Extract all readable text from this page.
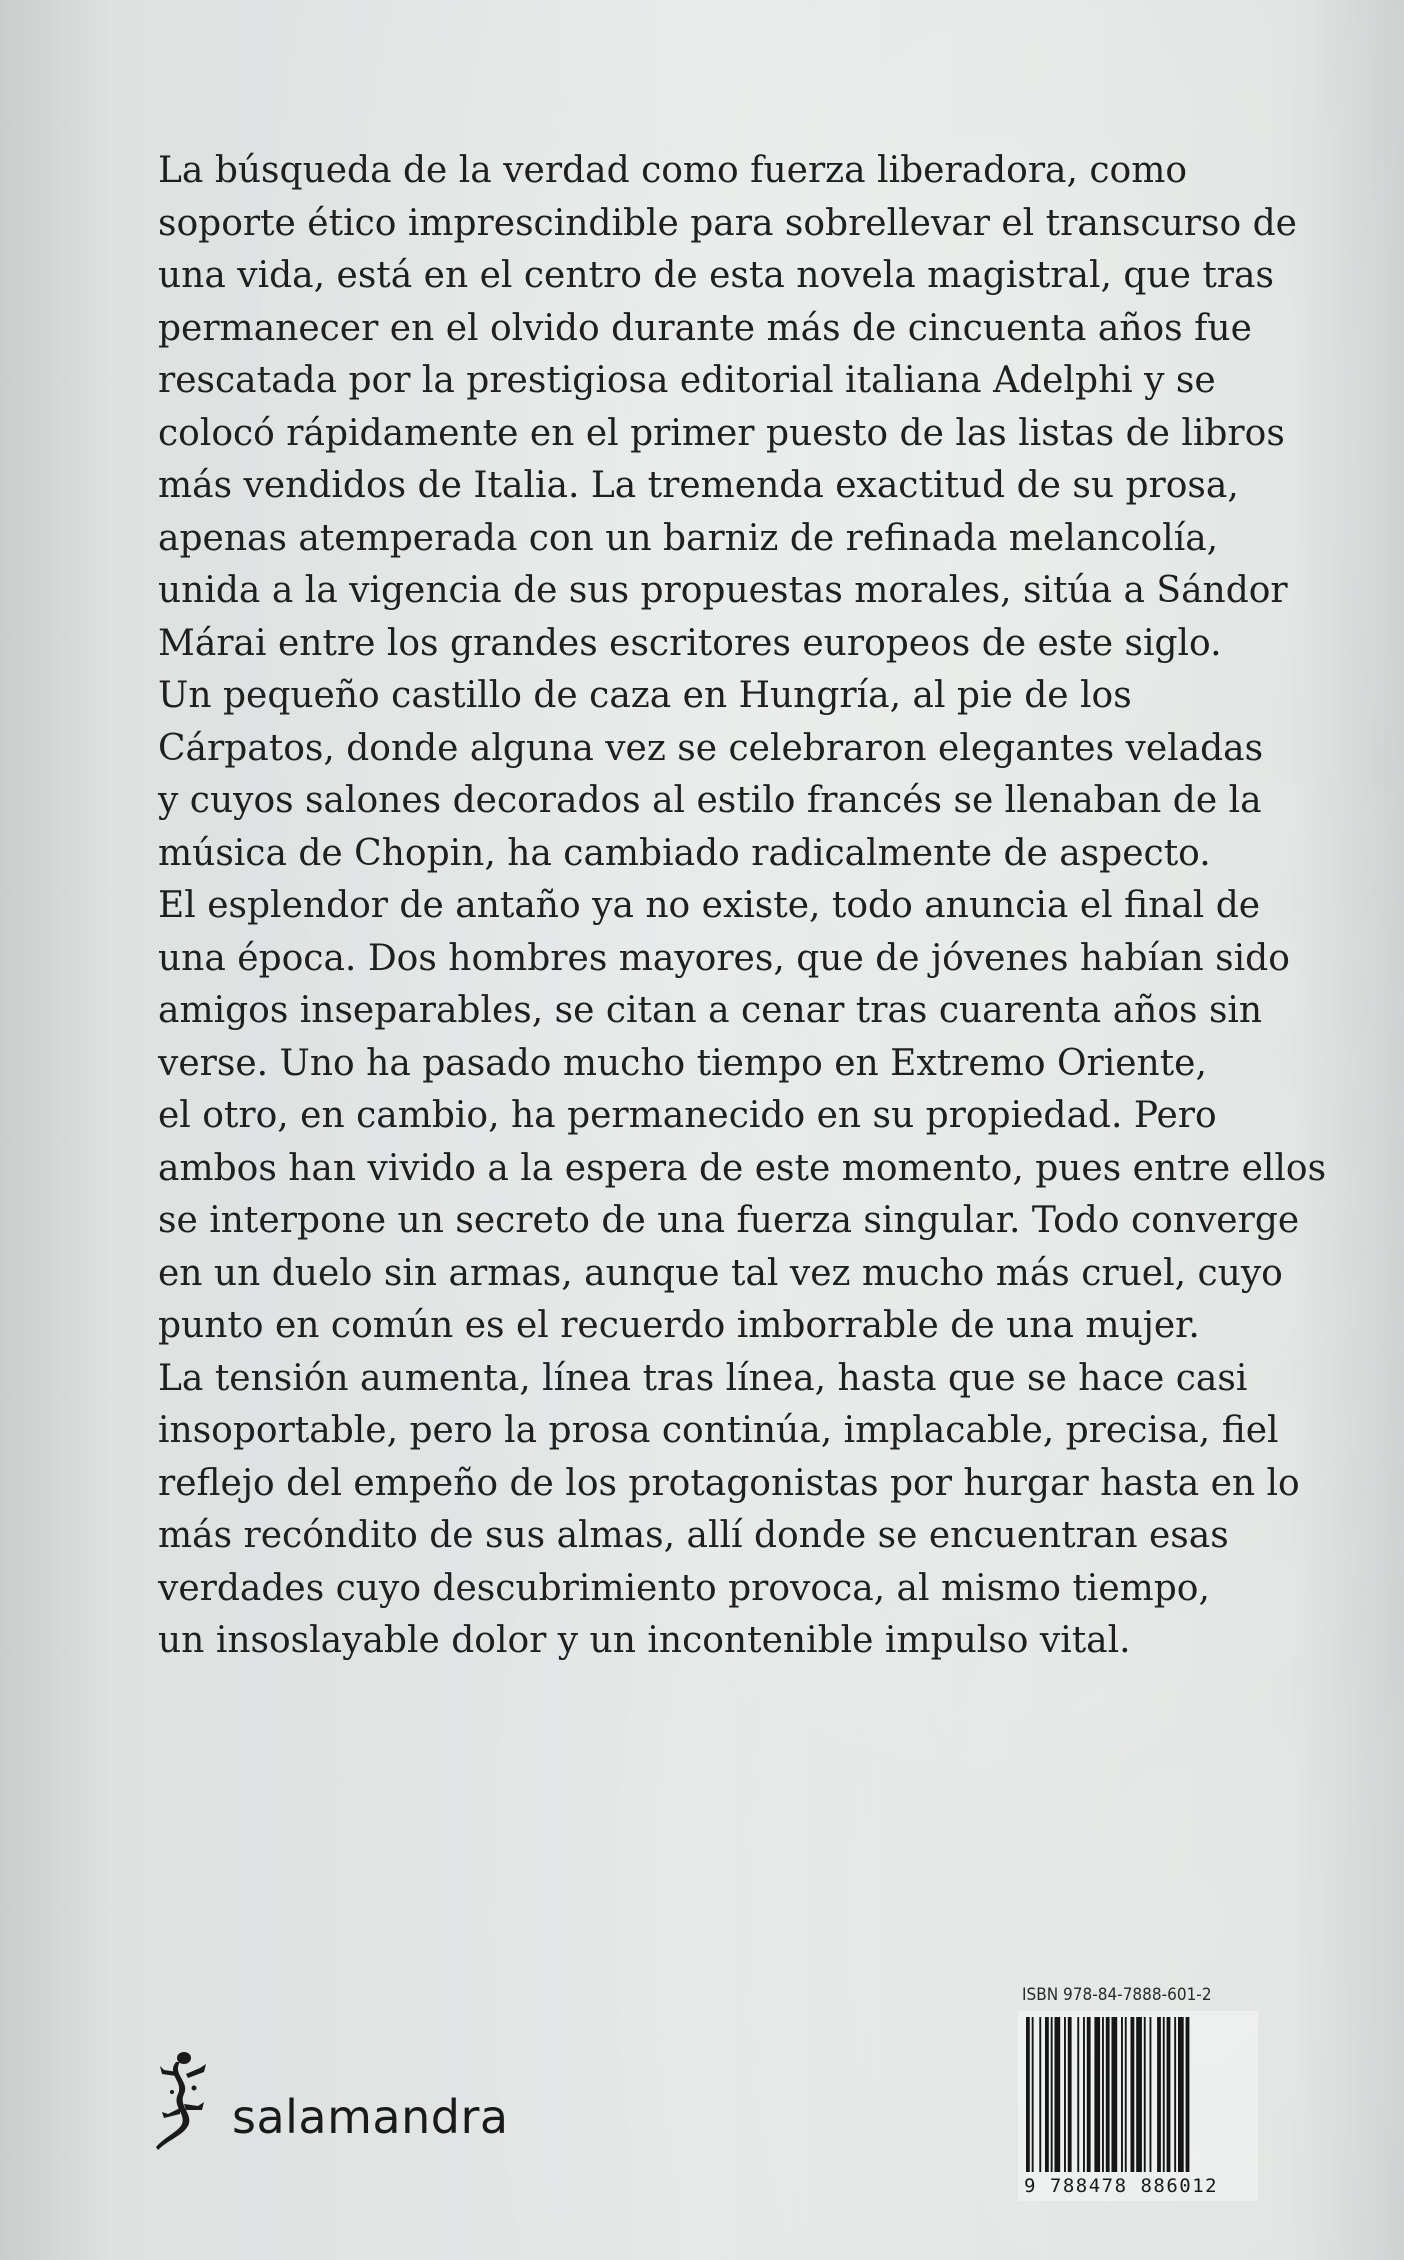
La búsqueda de la verdad como fuerza liberadora, como
soporte ético imprescindible para sobrellevar el transcurso de
una vida, está en el centro de esta novela magistral, que tras
permanecer en el olvido durante más de cincuenta años fue
rescatada por la prestigiosa editorial italiana Adelphi y se
colocó rápidamente en el primer puesto de las listas de libros
más vendidos de Italia. La tremenda exactitud de su prosa,
apenas atemperada con un barniz de refinada melancolía,
unida a la vigencia de sus propuestas morales, sitúa a Sándor
Márai entre los grandes escritores europeos de este siglo.
Un pequeño castillo de caza en Hungría, al pie de los
Cárpatos, donde alguna vez se celebraron elegantes veladas
y cuyos salones decorados al estilo francés se llenaban de la
música de Chopin, ha cambiado radicalmente de aspecto.
El esplendor de antaño ya no existe, todo anuncia el final de
una época. Dos hombres mayores, que de jóvenes habían sido
amigos inseparables, se citan a cenar tras cuarenta años sin
verse. Uno ha pasado mucho tiempo en Extremo Oriente,
el otro, en cambio, ha permanecido en su propiedad. Pero
ambos han vivido a la espera de este momento, pues entre ellos
se interpone un secreto de una fuerza singular. Todo converge
en un duelo sin armas, aunque tal vez mucho más cruel, cuyo
punto en común es el recuerdo imborrable de una mujer.
La tensión aumenta, línea tras línea, hasta que se hace casi
insoportable, pero la prosa continúa, implacable, precisa, fiel
reflejo del empeño de los protagonistas por hurgar hasta en lo
más recóndito de sus almas, allí donde se encuentran esas
verdades cuyo descubrimiento provoca, al mismo tiempo,
un insoslayable dolor y un incontenible impulso vital.

salamandra
ISBN 978-84-7888-601-2
9 788478 886012
